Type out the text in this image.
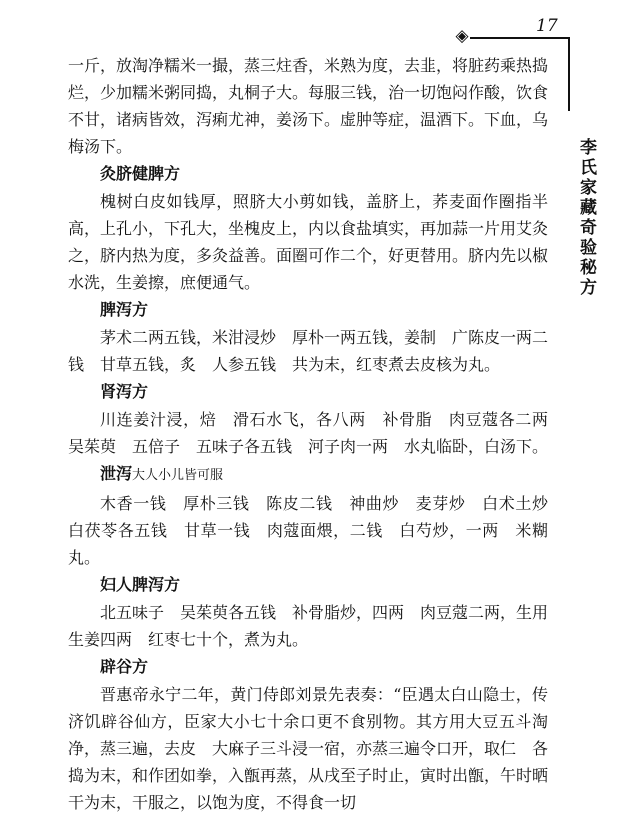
◈	17
李氏家藏奇验秘方

一斤，放淘净糯米一撮，蒸三炷香，米熟为度，去韭，将脏药乘热捣烂，少加糯米粥同捣，丸桐子大。每服三钱，治一切饱闷作酸，饮食不甘，诸病皆效，泻痢尤神，姜汤下。虚肿等症，温酒下。下血，乌梅汤下。

灸脐健脾方

槐树白皮如钱厚，照脐大小剪如钱，盖脐上，荞麦面作圈指半高，上孔小，下孔大，坐槐皮上，内以食盐填实，再加蒜一片用艾灸之，脐内热为度，多灸益善。面圈可作二个，好更替用。脐内先以椒水洗，生姜擦，庶便通气。

脾泻方

茅术二两五钱，米泔浸炒　厚朴一两五钱，姜制　广陈皮一两二钱　甘草五钱，炙　人参五钱　共为末，红枣煮去皮核为丸。

肾泻方

川连姜汁浸，焙　滑石水飞，各八两　补骨脂　肉豆蔻各二两　吴茱萸　五倍子　五味子各五钱　河子肉一两　水丸临卧，白汤下。

泄泻大人小儿皆可服

木香一钱　厚朴三钱　陈皮二钱　神曲炒　麦芽炒　白术土炒　白茯苓各五钱　甘草一钱　肉蔻面煨，二钱　白芍炒，一两　米糊丸。

妇人脾泻方

北五味子　吴茱萸各五钱　补骨脂炒，四两　肉豆蔻二两，生用　生姜四两　红枣七十个，煮为丸。

辟谷方

晋惠帝永宁二年，黄门侍郎刘景先表奏：“臣遇太白山隐士，传济饥辟谷仙方，臣家大小七十余口更不食别物。其方用大豆五斗淘净，蒸三遍，去皮　大麻子三斗浸一宿，亦蒸三遍令口开，取仁　各捣为末，和作团如拳，入甑再蒸，从戌至子时止，寅时出甑，午时晒干为末，干服之，以饱为度，不得食一切
